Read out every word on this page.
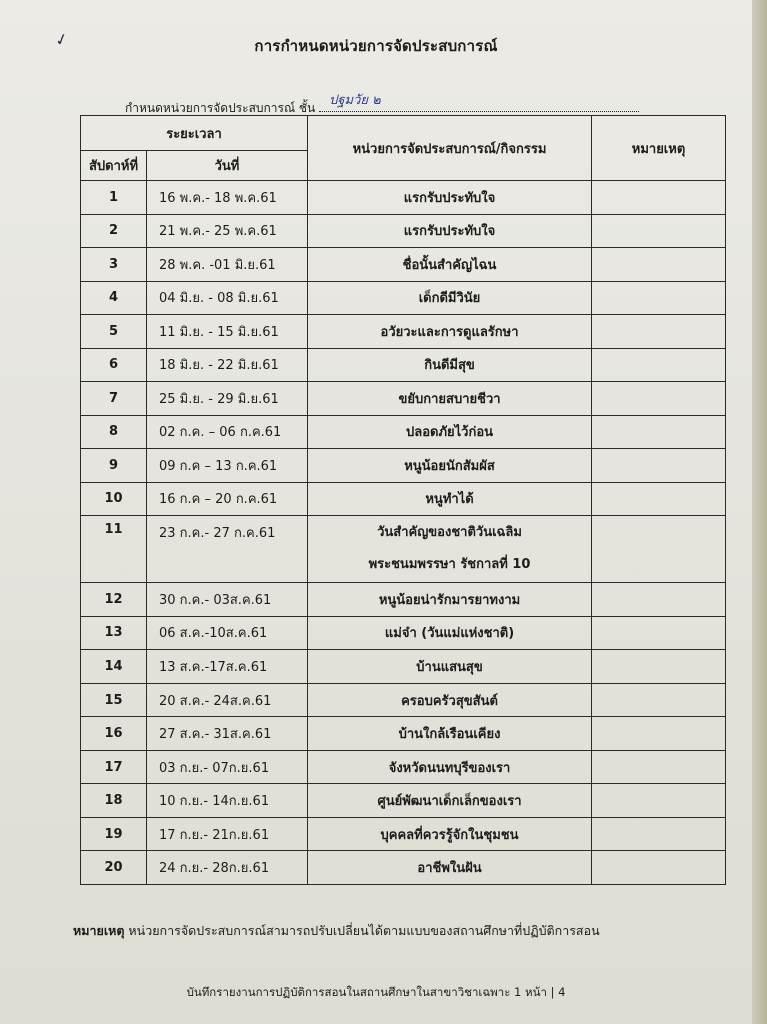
✓	การกำหนดหน่วยการจัดประสบการณ์
กำหนดหน่วยการจัดประสบการณ์ ชั้น ปฐมวัย ๒
ระยะเวลา		หน่วยการจัดประสบการณ์/กิจกรรม	หมายเหตุ
สัปดาห์ที่	วันที่		
1	16 พ.ค.- 18 พ.ค.61	แรกรับประทับใจ	
2	21 พ.ค.- 25 พ.ค.61	แรกรับประทับใจ	
3	28 พ.ค. -01 มิ.ย.61	ชื่อนั้นสำคัญไฉน	
4	04 มิ.ย. - 08 มิ.ย.61	เด็กดีมีวินัย	
5	11 มิ.ย. - 15 มิ.ย.61	อวัยวะและการดูแลรักษา	
6	18 มิ.ย. - 22 มิ.ย.61	กินดีมีสุข	
7	25 มิ.ย. - 29 มิ.ย.61	ขยับกายสบายชีวา	
8	02 ก.ค. – 06 ก.ค.61	ปลอดภัยไว้ก่อน	
9	09 ก.ค – 13 ก.ค.61	หนูน้อยนักสัมผัส	
10	16 ก.ค – 20 ก.ค.61	หนูทำได้	
11	23 ก.ค.- 27 ก.ค.61	วันสำคัญของชาติวันเฉลิม
พระชนมพรรษา รัชกาลที่ 10	

12	30 ก.ค.- 03ส.ค.61	หนูน้อยน่ารักมารยาทงาม	
13	06 ส.ค.-10ส.ค.61	แม่จ๋า (วันแม่แห่งชาติ)	
14	13 ส.ค.-17ส.ค.61	บ้านแสนสุข	
15	20 ส.ค.- 24ส.ค.61	ครอบครัวสุขสันต์	
16	27 ส.ค.- 31ส.ค.61	บ้านใกล้เรือนเคียง	
17	03 ก.ย.- 07ก.ย.61	จังหวัดนนทบุรีของเรา	
18	10 ก.ย.- 14ก.ย.61	ศูนย์พัฒนาเด็กเล็กของเรา	
19	17 ก.ย.- 21ก.ย.61	บุคคลที่ควรรู้จักในชุมชน	
20	24 ก.ย.- 28ก.ย.61	อาชีพในฝัน	
หมายเหตุ หน่วยการจัดประสบการณ์สามารถปรับเปลี่ยนได้ตามแบบของสถานศึกษาที่ปฏิบัติการสอน
บันทึกรายงานการปฏิบัติการสอนในสถานศึกษาในสาขาวิชาเฉพาะ 1 หน้า | 4
